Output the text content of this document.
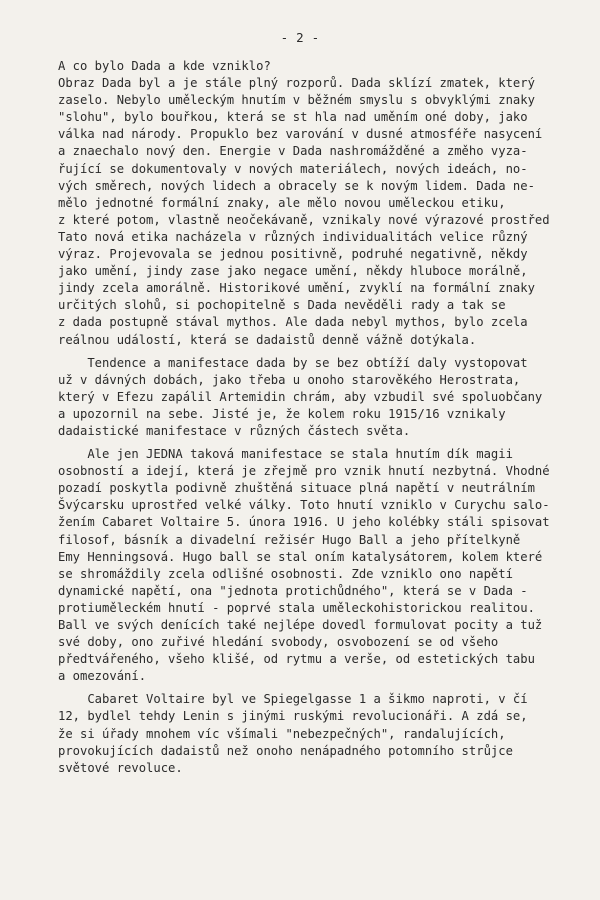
- 2 -
A co bylo Dada a kde vzniklo?
Obraz Dada byl a je stále plný rozporů. Dada sklízí zmatek, který
zaselo. Nebylo uměleckým hnutím v běžném smyslu s obvyklými znaky
"slohu", bylo bouřkou, která se st hla nad uměním oné doby, jako
válka nad národy. Propuklo bez varování v dusné atmosféře nasycení
a znaechalo nový den. Energie v Dada nashromážděné a změho vyza-
řující se dokumentovaly v nových materiálech, nových ideách, no-
vých směrech, nových lidech a obracely se k novým lidem. Dada ne-
mělo jednotné formální znaky, ale mělo novou uměleckou etiku,
z které potom, vlastně neočekávaně, vznikaly nové výrazové prostřed
Tato nová etika nacházela v různých individualitách velice různý
výraz. Projevovala se jednou positivně, podruhé negativně, někdy
jako umění, jindy zase jako negace umění, někdy hluboce morálně,
jindy zcela amorálně. Historikové umění, zvyklí na formální znaky
určitých slohů, si pochopitelně s Dada nevěděli rady a tak se
z dada postupně stával mythos. Ale dada nebyl mythos, bylo zcela
reálnou událostí, která se dadaistů denně vážně dotýkala.
Tendence a manifestace dada by se bez obtíží daly vystopovat
už v dávných dobách, jako třeba u onoho starověkého Herostrata,
který v Efezu zapálil Artemidin chrám, aby vzbudil své spoluobčany
a upozornil na sebe. Jisté je, že kolem roku 1915/16 vznikaly
dadaistické manifestace v různých částech světa.
Ale jen JEDNA taková manifestace se stala hnutím dík magii
osobností a idejí, která je zřejmě pro vznik hnutí nezbytná. Vhodné
pozadí poskytla podivně zhuštěná situace plná napětí v neutrálním
Švýcarsku uprostřed velké války. Toto hnutí vzniklo v Curychu salo-
žením Cabaret Voltaire 5. února 1916. U jeho kolébky stáli spisovat
filosof, básník a divadelní režisér Hugo Ball a jeho přítelkyně
Emy Henningsová. Hugo ball se stal oním katalysátorem, kolem které
se shromáždily zcela odlišné osobnosti. Zde vzniklo ono napětí
dynamické napětí, ona "jednota protichůdného", která se v Dada -
protiuměleckém hnutí - poprvé stala uměleckohistorickou realitou.
Ball ve svých denících také nejlépe dovedl formulovat pocity a tuž
své doby, ono zuřivé hledání svobody, osvobození se od všeho
předtvářeného, všeho klišé, od rytmu a verše, od estetických tabu
a omezování.
Cabaret Voltaire byl ve Spiegelgasse 1 a šikmo naproti, v čí
12, bydlel tehdy Lenin s jinými ruskými revolucionáři. A zdá se,
že si úřady mnohem víc všímali "nebezpečných", randalujících,
provokujících dadaistů než onoho nenápadného potomního strůjce
světové revoluce.
